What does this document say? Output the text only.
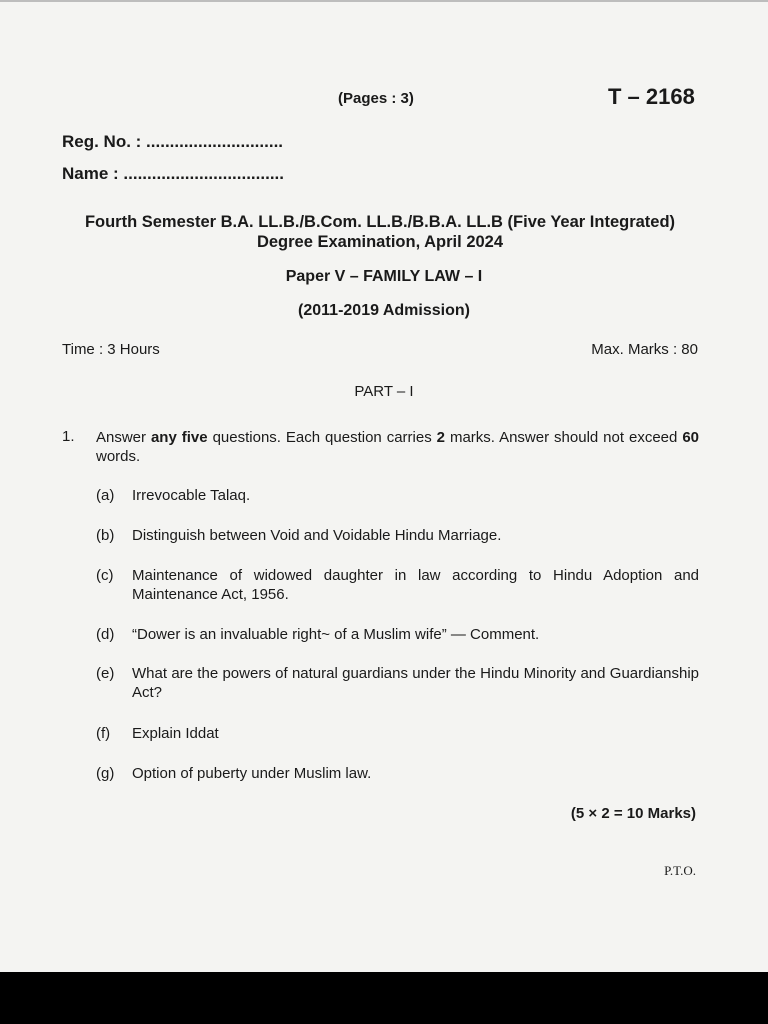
(Pages : 3)	T – 2168
Reg. No. : .............................
Name : ..................................
Fourth Semester B.A. LL.B./B.Com. LL.B./B.B.A. LL.B (Five Year Integrated) Degree Examination, April 2024
Paper V – FAMILY LAW – I
(2011-2019 Admission)
Time : 3 Hours	Max. Marks : 80
PART – I
1. Answer any five questions. Each question carries 2 marks. Answer should not exceed 60 words.
(a)	Irrevocable Talaq.
(b)	Distinguish between Void and Voidable Hindu Marriage.
(c)	Maintenance of widowed daughter in law according to Hindu Adoption and Maintenance Act, 1956.
(d)	“Dower is an invaluable right~ of a Muslim wife” — Comment.
(e)	What are the powers of natural guardians under the Hindu Minority and Guardianship Act?
(f)	Explain Iddat
(g)	Option of puberty under Muslim law.
(5 × 2 = 10 Marks)
P.T.O.
